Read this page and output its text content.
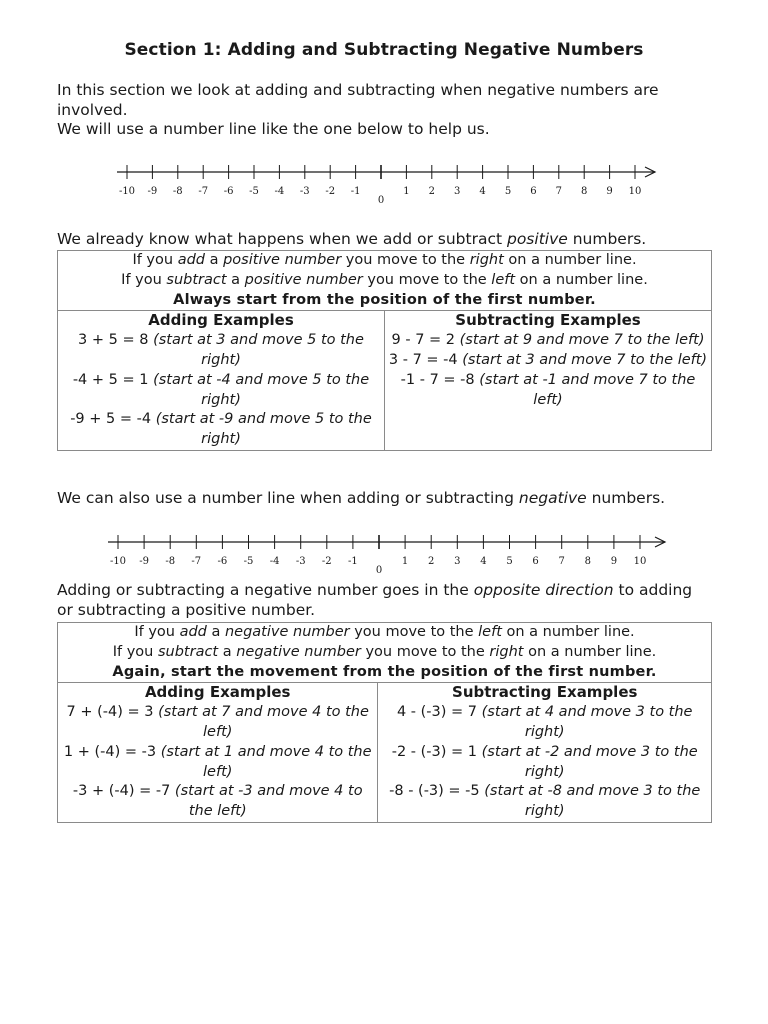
Section 1: Adding and Subtracting Negative Numbers
In this section we look at adding and subtracting when negative numbers are involved.
We will use a number line like the one below to help us.
-10 -9 -8 -7 -6 -5 -4 -3 -2 -1
0
1 2 3 4 5 6 7 8 9 10
We already know what happens when we add or subtract positive numbers.
If you add a positive number you move to the right on a number line.
If you subtract a positive number you move to the left on a number line.
Always start from the position of the first number.

Adding Examples
3 + 5 = 8 (start at 3 and move 5 to the right)
-4 + 5 = 1 (start at -4 and move 5 to the right)
-9 + 5 = -4 (start at -9 and move 5 to the right)

Subtracting Examples
9 - 7 = 2 (start at 9 and move 7 to the left)
3 - 7 = -4 (start at 3 and move 7 to the left)
-1 - 7 = -8 (start at -1 and move 7 to the left)
We can also use a number line when adding or subtracting negative numbers.
-10 -9 -8 -7 -6 -5 -4 -3 -2 -1
0
1 2 3 4 5 6 7 8 9 10
Adding or subtracting a negative number goes in the opposite direction to adding or subtracting a positive number.
If you add a negative number you move to the left on a number line.
If you subtract a negative number you move to the right on a number line.
Again, start the movement from the position of the first number.

Adding Examples
7 + (-4) = 3 (start at 7 and move 4 to the left)
1 + (-4) = -3 (start at 1 and move 4 to the left)
-3 + (-4) = -7 (start at -3 and move 4 to the left)

Subtracting Examples
4 - (-3) = 7 (start at 4 and move 3 to the right)
-2 - (-3) = 1 (start at -2 and move 3 to the right)
-8 - (-3) = -5 (start at -8 and move 3 to the right)
